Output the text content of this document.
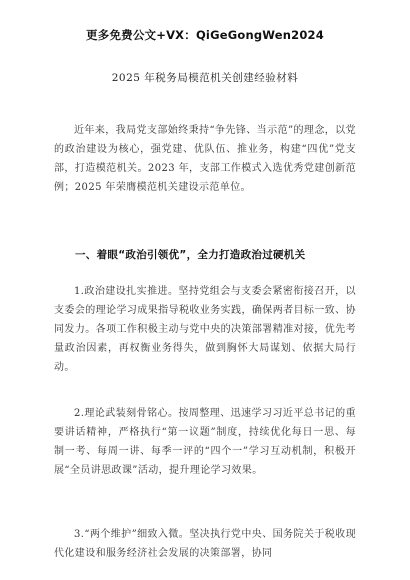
更多免费公文+VX：QiGeGongWen2024
2025 年税务局模范机关创建经验材料

近年来，我局党支部始终秉持“争先锋、当示范”的理念，以党的政治建设为核心，强党建、优队伍、推业务，构建“四优”党支部，打造模范机关。2023 年，支部工作模式入选优秀党建创新范例；2025 年荣膺模范机关建设示范单位。

一、着眼“政治引领优”，全力打造政治过硬机关

1.政治建设扎实推进。坚持党组会与支委会紧密衔接召开，以支委会的理论学习成果指导税收业务实践，确保两者目标一致、协同发力。各项工作积极主动与党中央的决策部署精准对接，优先考量政治因素，再权衡业务得失，做到胸怀大局谋划、依据大局行动。

2.理论武装刻骨铭心。按周整理、迅速学习习近平总书记的重要讲话精神，严格执行“第一议题”制度，持续优化每日一思、每制一考、每周一讲、每季一评的“四个一”学习互动机制，积极开展“全员讲思政课”活动，提升理论学习效果。

3.“两个维护”细致入微。坚决执行党中央、国务院关于税收现代化建设和服务经济社会发展的决策部署，协同
